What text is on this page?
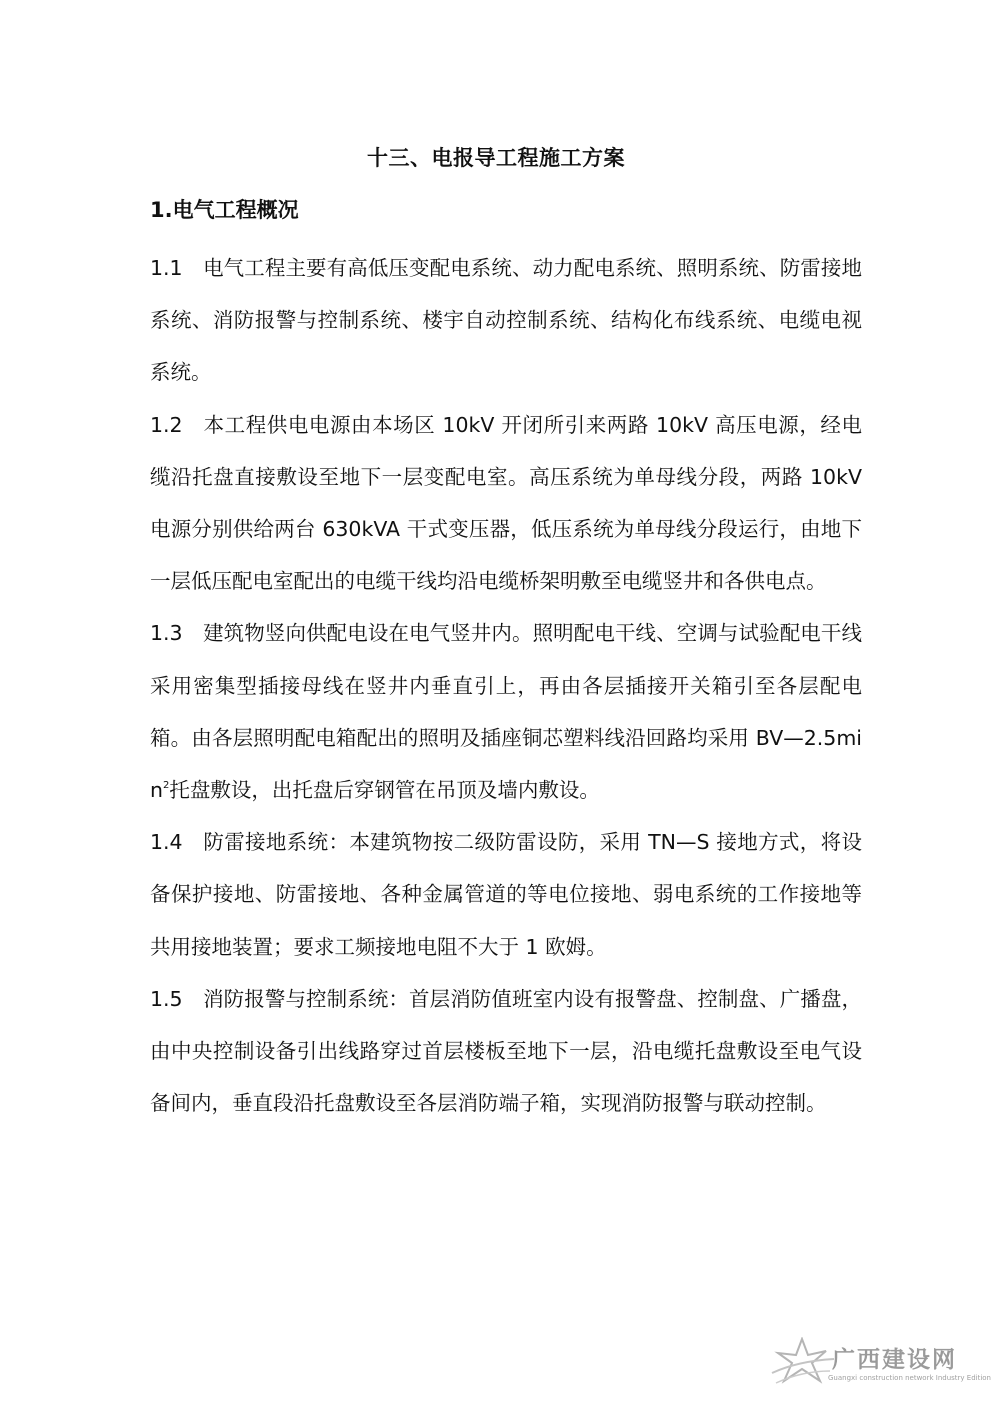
十三、电报导工程施工方案
1.电气工程概况

1.1 电气工程主要有高低压变配电系统、动力配电系统、照明系统、防雷接地系统、消防报警与控制系统、楼宇自动控制系统、结构化布线系统、电缆电视系统。

1.2 本工程供电电源由本场区 10kV 开闭所引来两路 10kV 高压电源，经电缆沿托盘直接敷设至地下一层变配电室。高压系统为单母线分段，两路 10kV 电源分别供给两台 630kVA 干式变压器，低压系统为单母线分段运行，由地下一层低压配电室配出的电缆干线均沿电缆桥架明敷至电缆竖井和各供电点。

1.3 建筑物竖向供配电设在电气竖井内。照明配电干线、空调与试验配电干线采用密集型插接母线在竖井内垂直引上，再由各层插接开关箱引至各层配电箱。由各层照明配电箱配出的照明及插座铜芯塑料线沿回路均采用 $BV—2.5\min^2$托盘敷设，出托盘后穿钢管在吊顶及墙内敷设。

1.4 防雷接地系统：本建筑物按二级防雷设防，采用 TN—S 接地方式，将设备保护接地、防雷接地、各种金属管道的等电位接地、弱电系统的工作接地等共用接地装置；要求工频接地电阻不大于 1 欧姆。

1.5 消防报警与控制系统：首层消防值班室内设有报警盘、控制盘、广播盘，由中央控制设备引出线路穿过首层楼板至地下一层，沿电缆托盘敷设至电气设备间内，垂直段沿托盘敷设至各层消防端子箱，实现消防报警与联动控制。

广西建设网
Guangxi construction network Industry Edition
